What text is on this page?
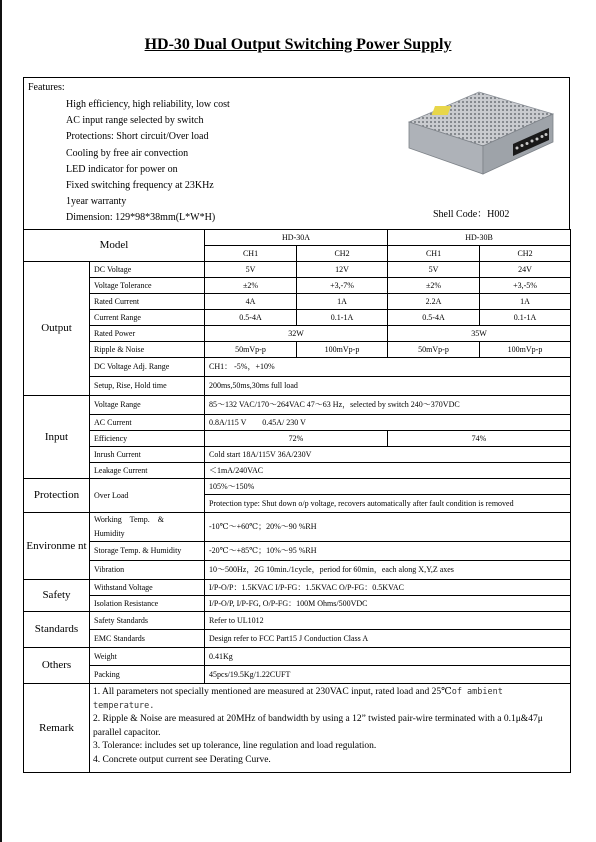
HD-30 Dual Output Switching Power Supply
Features:
High efficiency, high reliability, low cost
AC input range selected by switch
Protections: Short circuit/Over load
Cooling by free air convection
LED indicator for power on
Fixed switching frequency at 23KHz
1year warranty
Dimension: 129*98*38mm(L*W*H)	Shell Code：H002
Model		HD-30A		HD-30B	
		CH1	CH2	CH1	CH2
Output	DC Voltage	5V	12V	5V	24V
	Voltage Tolerance	±2%	+3,-7%	±2%	+3,-5%
	Rated Current	4A	1A	2.2A	1A
	Current Range	0.5-4A	0.1-1A	0.5-4A	0.1-1A
	Rated Power	32W		35W	
	Ripple & Noise	50mVp-p	100mVp-p	50mVp-p	100mVp-p
	DC Voltage Adj. Range	CH1： -5%，+10%			
	Setup, Rise, Hold time	200ms,50ms,30ms full load			
Input	Voltage Range	85～132 VAC/170～264VAC 47～63 Hz，selected by switch 240～370VDC			
	AC Current	0.8A/115 V        0.45A/ 230 V			
	Efficiency	72%		74%	
	Inrush Current	Cold start 18A/115V 36A/230V			
	Leakage Current	＜1mA/240VAC			
Protection	Over Load	105%～150%			
		Protection type: Shut down o/p voltage, recovers automatically after fault condition is removed			
Environme nt	Working    Temp.    &    Humidity	-10℃～+60℃；20%～90 %RH			
	Storage Temp. & Humidity	-20℃～+85℃；10%～95 %RH			
	Vibration	10～500Hz，2G 10min./1cycle，period for 60min，each along X,Y,Z axes			
Safety	Withstand Voltage	I/P-O/P：1.5KVAC I/P-FG：1.5KVAC O/P-FG：0.5KVAC			
	Isolation Resistance	I/P-O/P, I/P-FG, O/P-FG：100M Ohms/500VDC			
Standards	Safety Standards	Refer to UL1012			
	EMC Standards	Design refer to FCC Part15 J Conduction Class A			
Others	Weight	0.41Kg			
	Packing	45pcs/19.5Kg/1.22CUFT			
Remark	1. All parameters not specially mentioned are measured at 230VAC input, rated load and 25℃of ambient temperature.
2. Ripple & Noise are measured at 20MHz of bandwidth by using a 12” twisted pair-wire terminated with a 0.1μ&47μ parallel capacitor.
3. Tolerance: includes set up tolerance, line regulation and load regulation.
4. Concrete output current see Derating Curve.				
